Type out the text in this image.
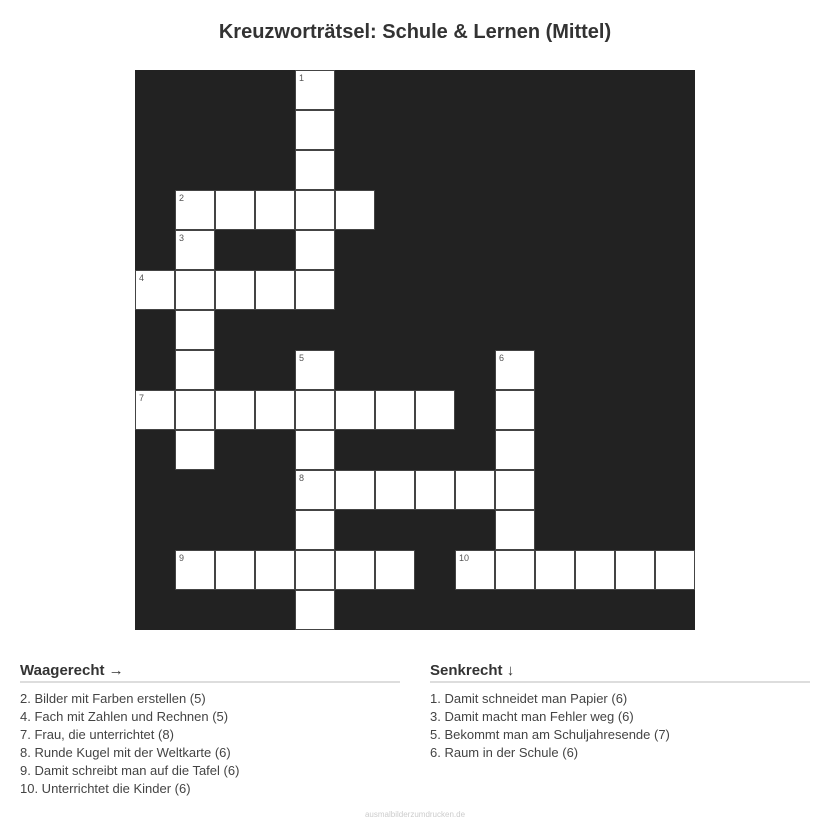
Kreuzworträtsel: Schule & Lernen (Mittel)
1
2
3
4
5	6
7
8
9	10
Waagerecht →
2. Bilder mit Farben erstellen (5)
4. Fach mit Zahlen und Rechnen (5)
7. Frau, die unterrichtet (8)
8. Runde Kugel mit der Weltkarte (6)
9. Damit schreibt man auf die Tafel (6)
10. Unterrichtet die Kinder (6)
Senkrecht ↓
1. Damit schneidet man Papier (6)
3. Damit macht man Fehler weg (6)
5. Bekommt man am Schuljahresende (7)
6. Raum in der Schule (6)
ausmalbilderzumdrucken.de
